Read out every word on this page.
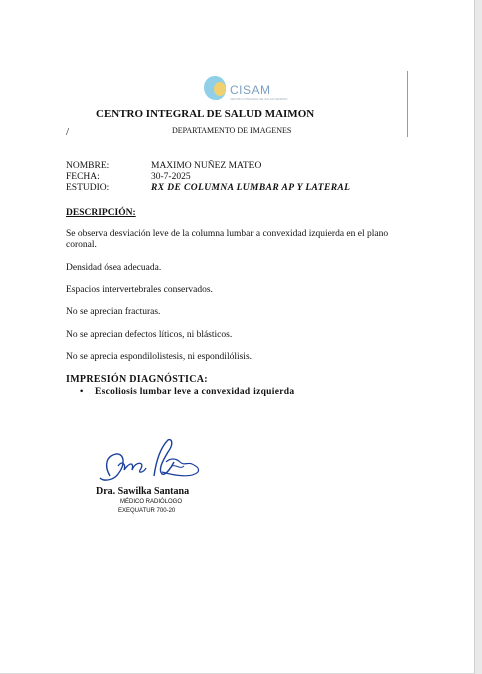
CISAM
CENTRO INTEGRAL DE SALUD MAIMON
CENTRO INTEGRAL DE SALUD MAIMON
/	DEPARTAMENTO DE IMAGENES
NOMBRE:	MAXIMO NUÑEZ MATEO
FECHA:	30-7-2025
ESTUDIO:	RX DE COLUMNA LUMBAR AP Y LATERAL
DESCRIPCIÓN:
Se observa desviación leve de la columna lumbar a convexidad izquierda en el plano coronal.
Densidad ósea adecuada.
Espacios intervertebrales conservados.
No se aprecian fracturas.
No se aprecian defectos líticos, ni blásticos.
No se aprecia espondilolistesis, ni espondilólisis.
IMPRESIÓN DIAGNÓSTICA:
• Escoliosis lumbar leve a convexidad izquierda
Dra. Sawilka Santana
MÉDICO RADIÓLOGO
EXEQUATUR 700-20
